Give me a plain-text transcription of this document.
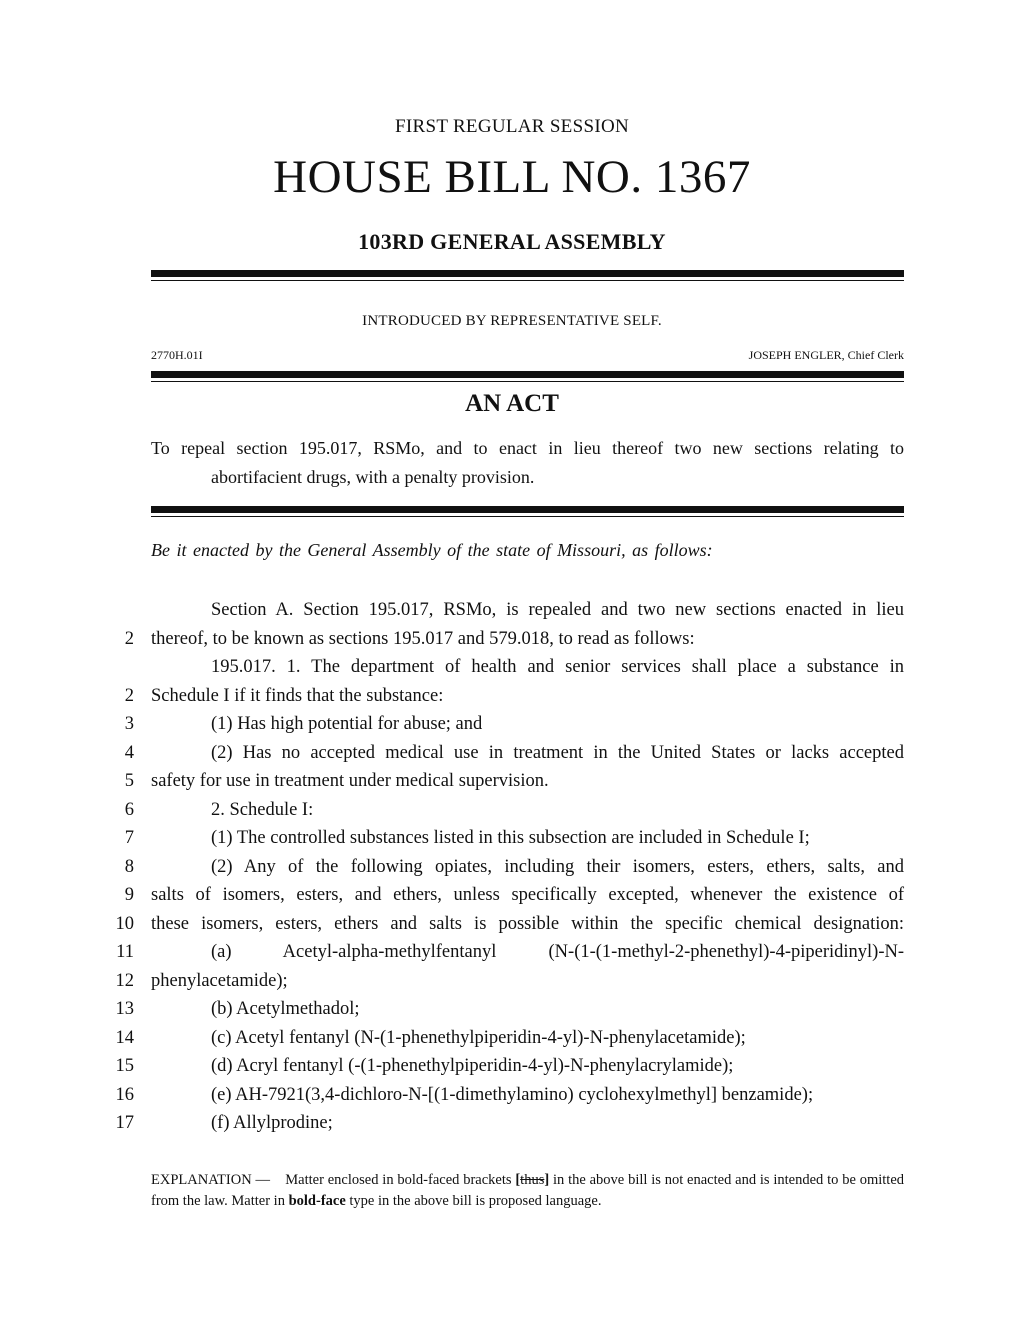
FIRST REGULAR SESSION
HOUSE BILL NO. 1367
103RD GENERAL ASSEMBLY
INTRODUCED BY REPRESENTATIVE SELF.
2770H.01I	JOSEPH ENGLER, Chief Clerk
AN ACT
To repeal section 195.017, RSMo, and to enact in lieu thereof two new sections relating to
abortifacient drugs, with a penalty provision.
Be it enacted by the General Assembly of the state of Missouri, as follows:
Section A. Section 195.017, RSMo, is repealed and two new sections enacted in lieu
2 thereof, to be known as sections 195.017 and 579.018, to read as follows:
195.017. 1. The department of health and senior services shall place a substance in
2 Schedule I if it finds that the substance:
3	(1) Has high potential for abuse; and
4	(2) Has no accepted medical use in treatment in the United States or lacks accepted
5 safety for use in treatment under medical supervision.
6	2. Schedule I:
7	(1) The controlled substances listed in this subsection are included in Schedule I;
8	(2) Any of the following opiates, including their isomers, esters, ethers, salts, and
9 salts of isomers, esters, and ethers, unless specifically excepted, whenever the existence of
10 these isomers, esters, ethers and salts is possible within the specific chemical designation:
11	(a) Acetyl-alpha-methylfentanyl (N-(1-(1-methyl-2-phenethyl)-4-piperidinyl)-N-
12 phenylacetamide);
13	(b) Acetylmethadol;
14	(c) Acetyl fentanyl (N-(1-phenethylpiperidin-4-yl)-N-phenylacetamide);
15	(d) Acryl fentanyl (-(1-phenethylpiperidin-4-yl)-N-phenylacrylamide);
16	(e) AH-7921(3,4-dichloro-N-[(1-dimethylamino) cyclohexylmethyl] benzamide);
17	(f) Allylprodine;
EXPLANATION — Matter enclosed in bold-faced brackets [thus] in the above bill is not enacted and is intended to be omitted from the law. Matter in bold-face type in the above bill is proposed language.
